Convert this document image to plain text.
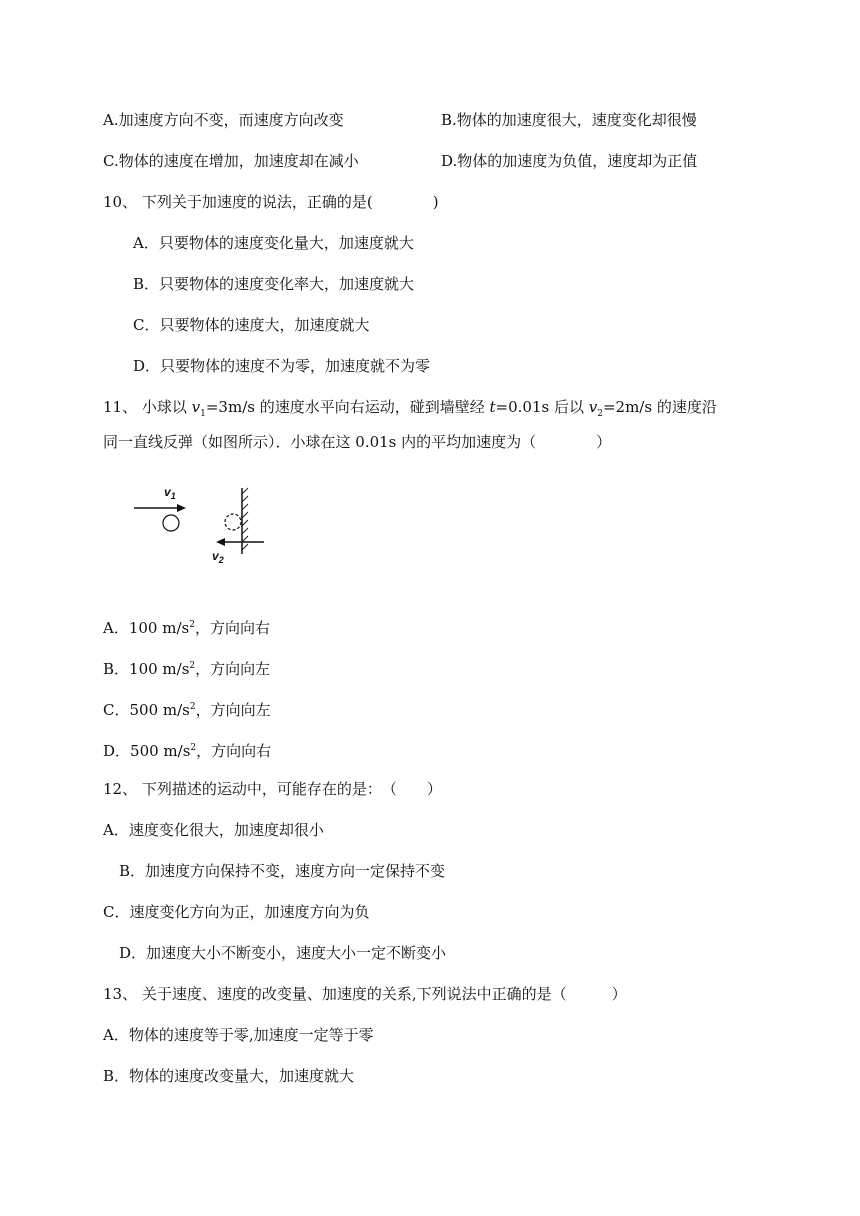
A.加速度方向不变，而速度方向改变	B.物体的加速度很大，速度变化却很慢
C.物体的速度在增加，加速度却在减小	D.物体的加速度为负值，速度却为正值
10、 下列关于加速度的说法，正确的是(　　　　)
A．只要物体的速度变化量大，加速度就大
B．只要物体的速度变化率大，加速度就大
C．只要物体的速度大，加速度就大
D．只要物体的速度不为零，加速度就不为零
11、 小球以 $v_1=3m/s$ 的速度水平向右运动，碰到墙壁经 t=0.01s 后以 $v_2=2m/s$ 的速度沿
同一直线反弹（如图所示）．小球在这 0.01s 内的平均加速度为（　　　　）
$v_1$
$v_2$
A．100 $m/s^2$，方向向右
B．100 $m/s^2$，方向向左
C．500 $m/s^2$，方向向左
D．500 $m/s^2$，方向向右
12、 下列描述的运动中，可能存在的是：　（　　）
A．速度变化很大，加速度却很小
B．加速度方向保持不变，速度方向一定保持不变
C．速度变化方向为正，加速度方向为负
D．加速度大小不断变小，速度大小一定不断变小
13、 关于速度、速度的改变量、加速度的关系,下列说法中正确的是（　　　）
A．物体的速度等于零,加速度一定等于零
B．物体的速度改变量大，加速度就大
